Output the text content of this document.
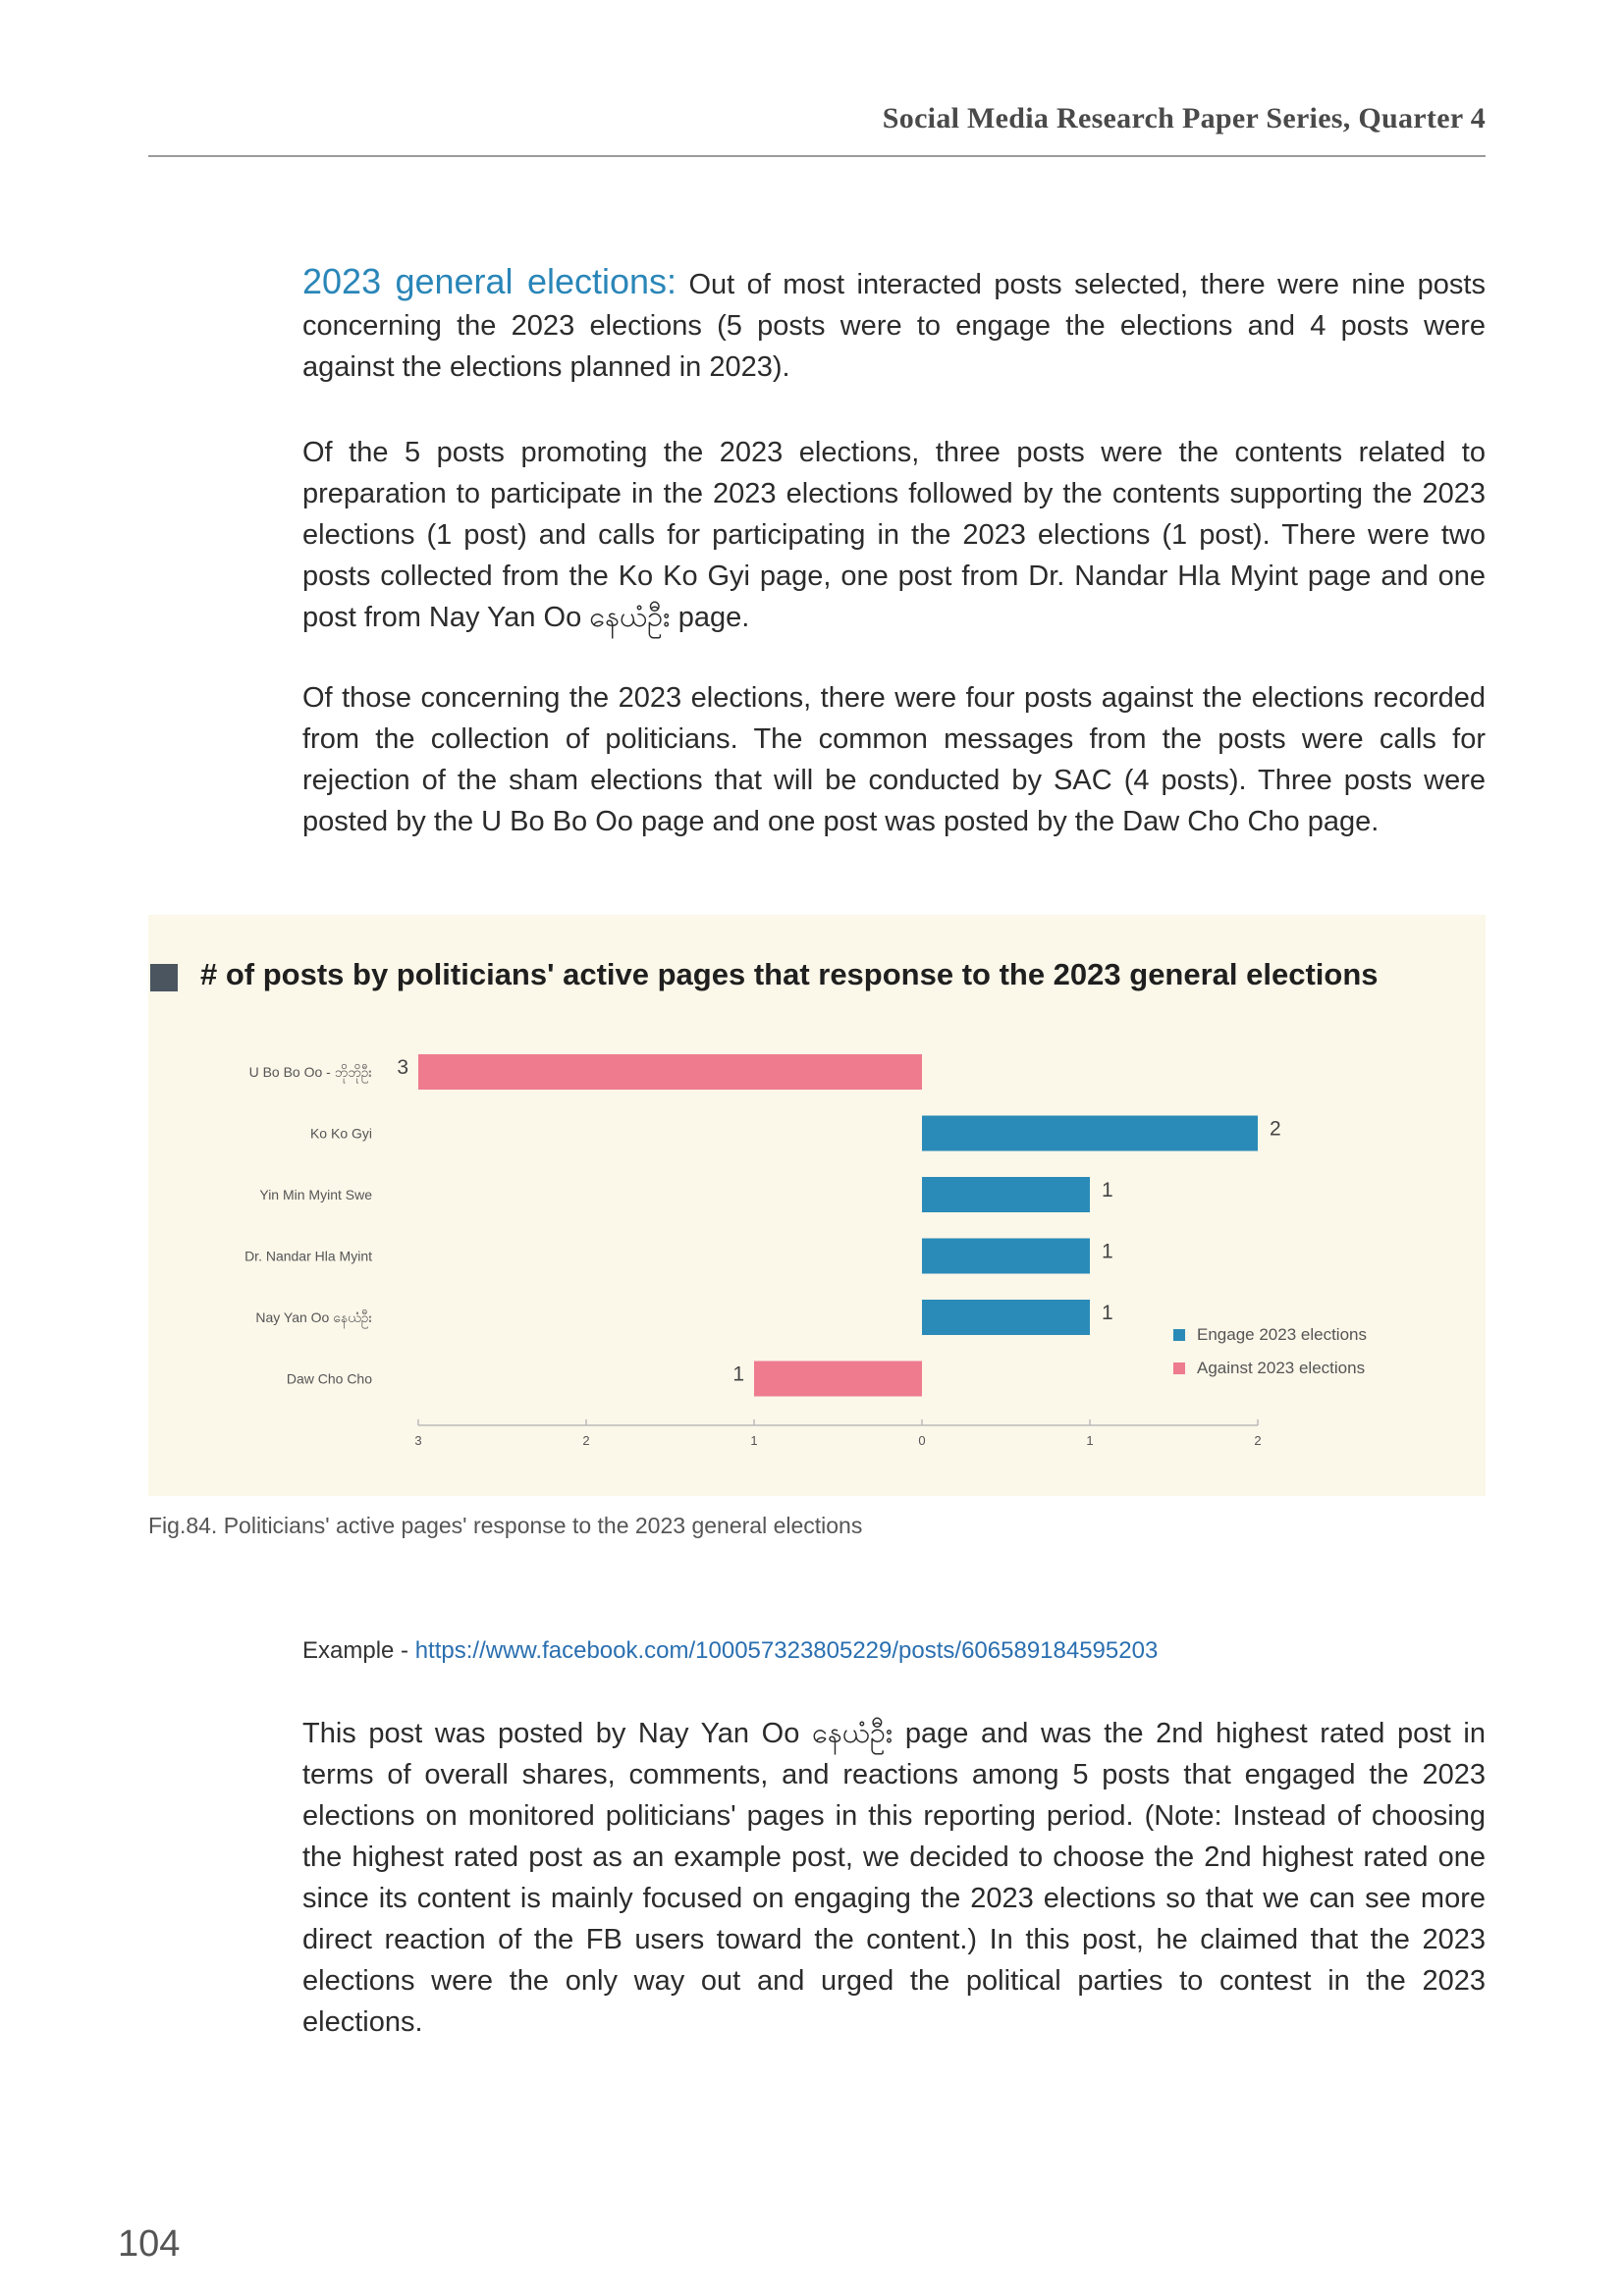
Social Media Research Paper Series, Quarter 4

2023 general elections: Out of most interacted posts selected, there were nine posts concerning the 2023 elections (5 posts were to engage the elections and 4 posts were against the elections planned in 2023).

Of the 5 posts promoting the 2023 elections, three posts were the contents related to preparation to participate in the 2023 elections followed by the contents supporting the 2023 elections (1 post) and calls for participating in the 2023 elections (1 post). There were two posts collected from the Ko Ko Gyi page, one post from Dr. Nandar Hla Myint page and one post from Nay Yan Oo နေယံဦး page.

Of those concerning the 2023 elections, there were four posts against the elections recorded from the collection of politicians. The common messages from the posts were calls for rejection of the sham elections that will be conducted by SAC (4 posts). Three posts were posted by the U Bo Bo Oo page and one post was posted by the Daw Cho Cho page.

# of posts by politicians' active pages that response to the 2023 general elections
U Bo Bo Oo - ဘိုဘိုဦး 3
Ko Ko Gyi	2
Yin Min Myint Swe	1
Dr. Nandar Hla Myint	1
Nay Yan Oo နေယံဦး	1
Daw Cho Cho	1
3	2	1	0	1	2
Engage 2023 elections
Against 2023 elections
Fig.84. Politicians' active pages' response to the 2023 general elections
Example - https://www.facebook.com/100057323805229/posts/606589184595203

This post was posted by Nay Yan Oo နေယံဦး page and was the 2nd highest rated post in terms of overall shares, comments, and reactions among 5 posts that engaged the 2023 elections on monitored politicians' pages in this reporting period. (Note: Instead of choosing the highest rated post as an example post, we decided to choose the 2nd highest rated one since its content is mainly focused on engaging the 2023 elections so that we can see more direct reaction of the FB users toward the content.) In this post, he claimed that the 2023 elections were the only way out and urged the political parties to contest in the 2023 elections.

104
